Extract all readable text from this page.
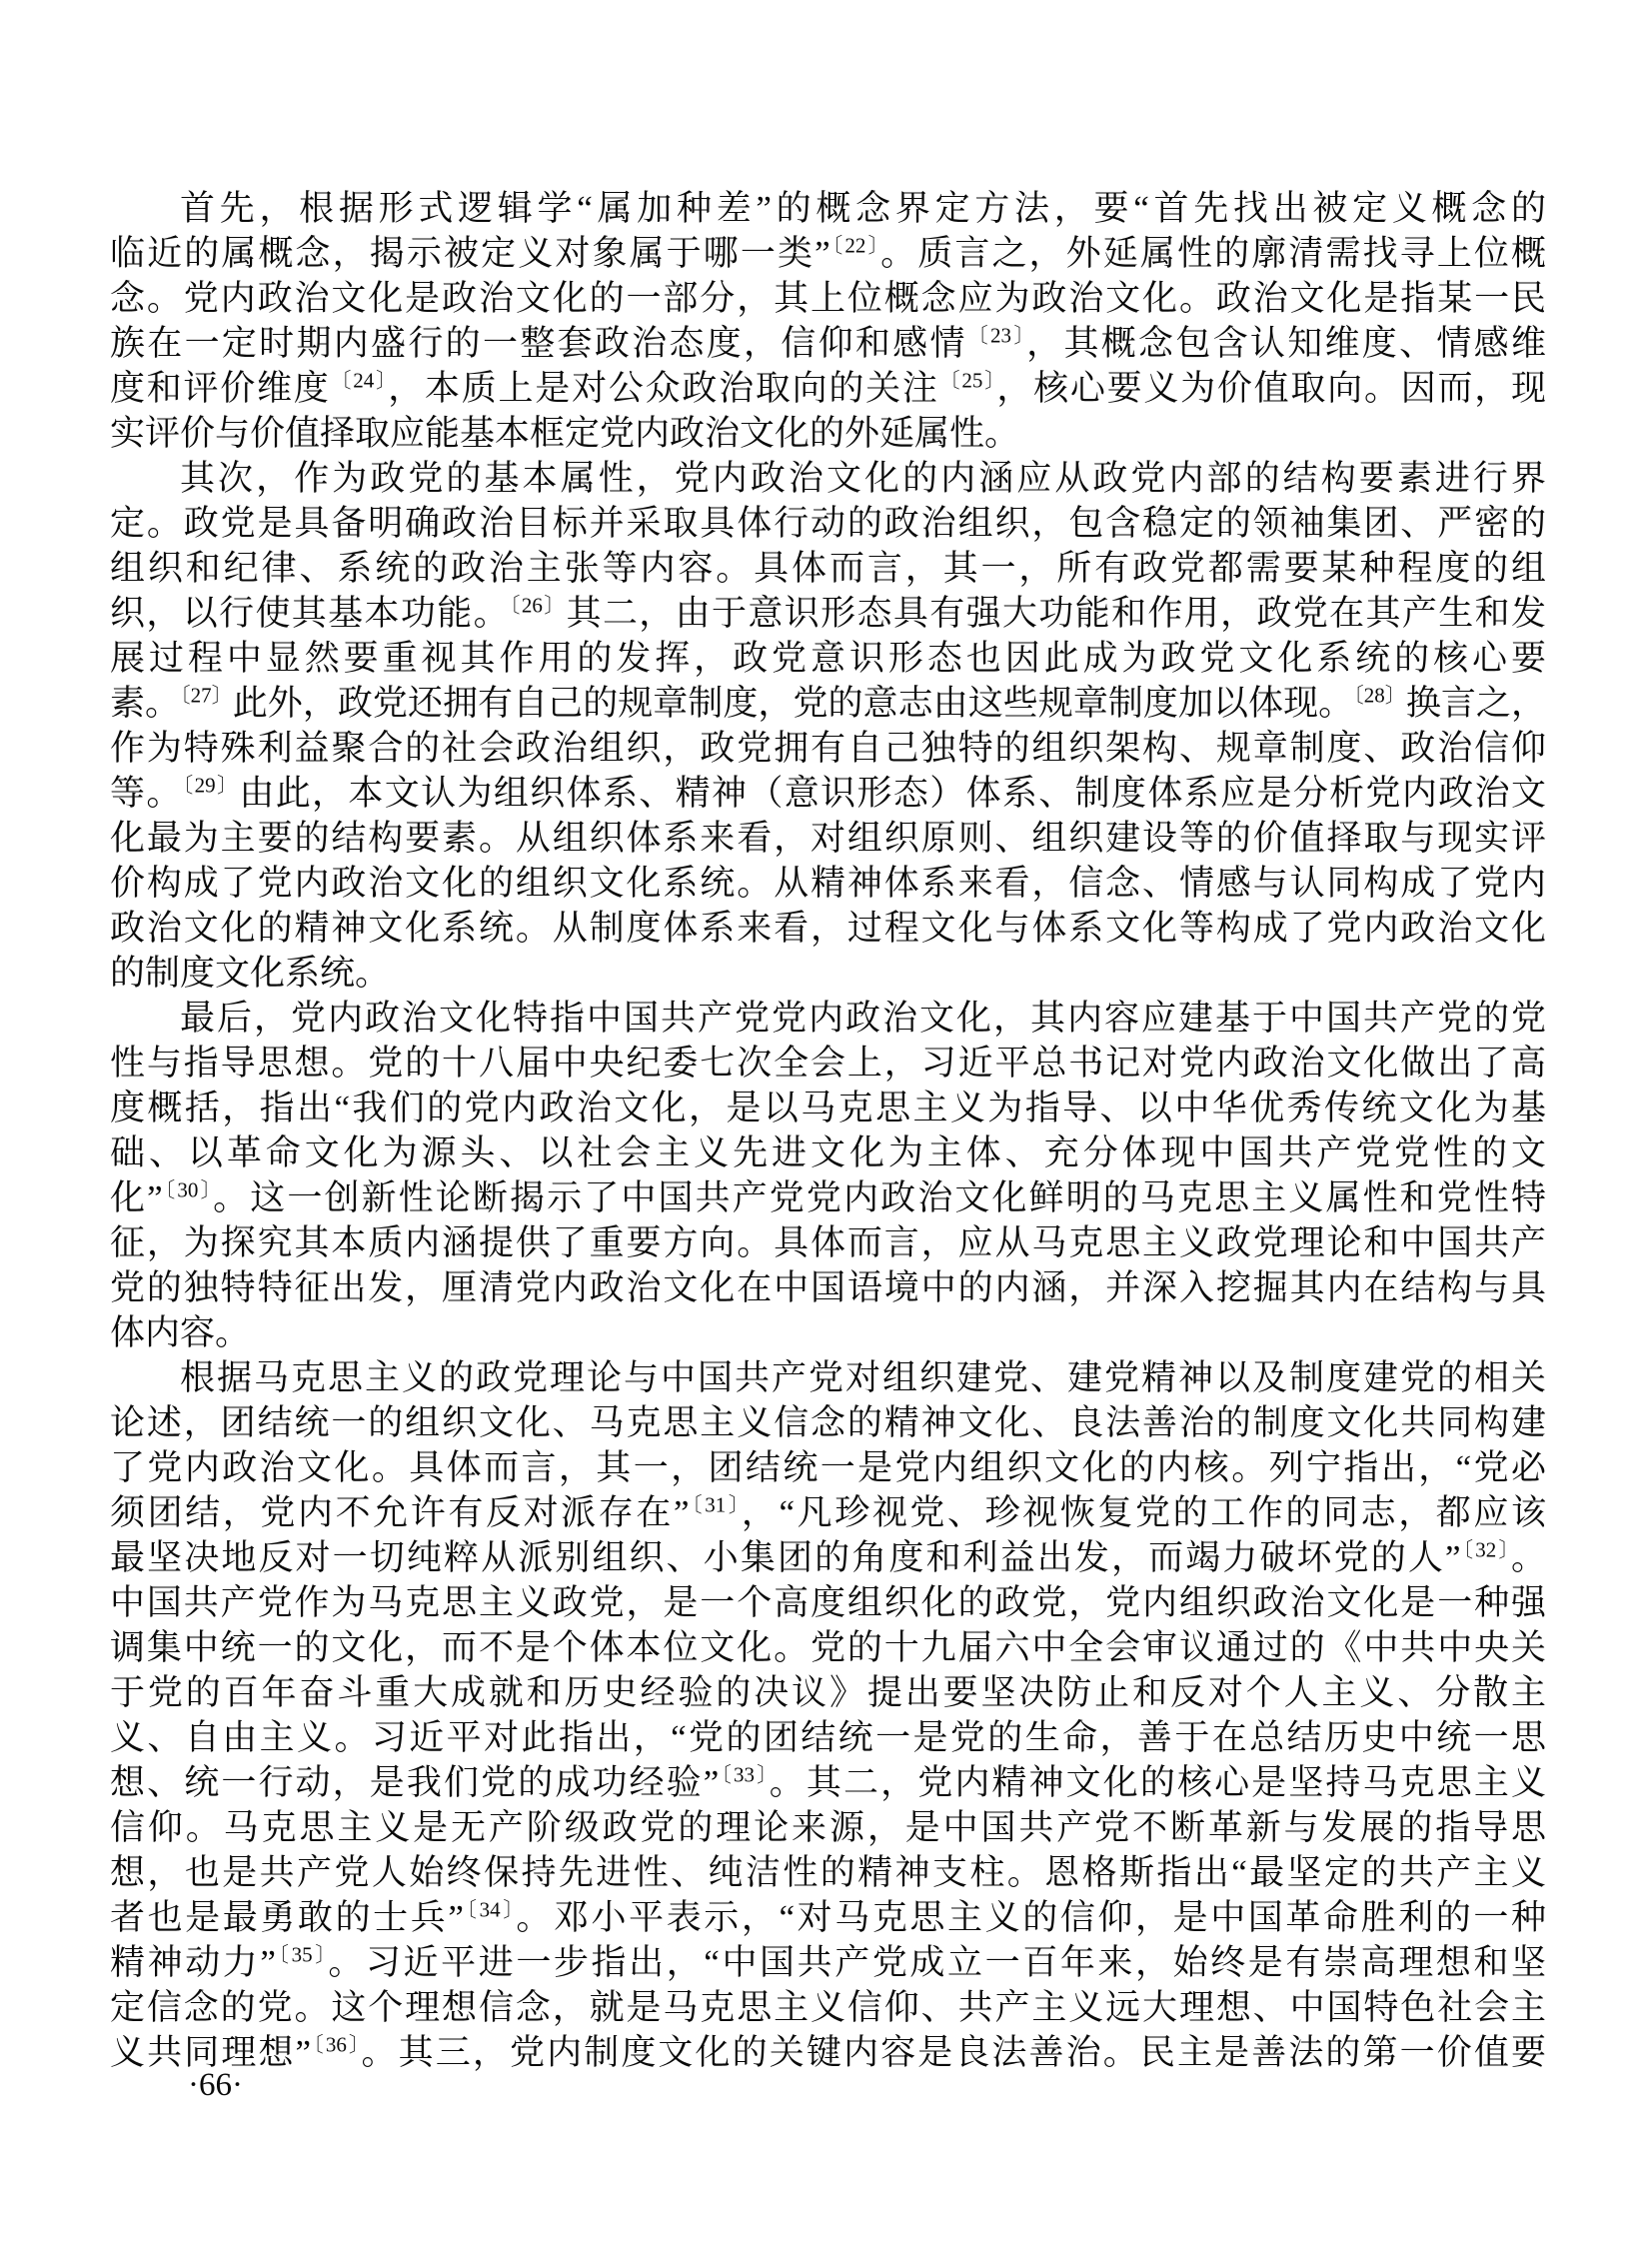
首先，根据形式逻辑学“属加种差”的概念界定方法，要“首先找出被定义概念的
临近的属概念，揭示被定义对象属于哪一类”$^{〔22〕}$。质言之，外延属性的廓清需找寻上位概
念。党内政治文化是政治文化的一部分，其上位概念应为政治文化。政治文化是指某一民
族在一定时期内盛行的一整套政治态度，信仰和感情$^{〔23〕}$，其概念包含认知维度、情感维
度和评价维度$^{〔24〕}$，本质上是对公众政治取向的关注$^{〔25〕}$，核心要义为价值取向。因而，现
实评价与价值择取应能基本框定党内政治文化的外延属性。
其次，作为政党的基本属性，党内政治文化的内涵应从政党内部的结构要素进行界
定。政党是具备明确政治目标并采取具体行动的政治组织，包含稳定的领袖集团、严密的
组织和纪律、系统的政治主张等内容。具体而言，其一，所有政党都需要某种程度的组
织，以行使其基本功能。$^{〔26〕}$其二，由于意识形态具有强大功能和作用，政党在其产生和发
展过程中显然要重视其作用的发挥，政党意识形态也因此成为政党文化系统的核心要
素。$^{〔27〕}$此外，政党还拥有自己的规章制度，党的意志由这些规章制度加以体现。$^{〔28〕}$换言之，
作为特殊利益聚合的社会政治组织，政党拥有自己独特的组织架构、规章制度、政治信仰
等。$^{〔29〕}$由此，本文认为组织体系、精神（意识形态）体系、制度体系应是分析党内政治文
化最为主要的结构要素。从组织体系来看，对组织原则、组织建设等的价值择取与现实评
价构成了党内政治文化的组织文化系统。从精神体系来看，信念、情感与认同构成了党内
政治文化的精神文化系统。从制度体系来看，过程文化与体系文化等构成了党内政治文化
的制度文化系统。
最后，党内政治文化特指中国共产党党内政治文化，其内容应建基于中国共产党的党
性与指导思想。党的十八届中央纪委七次全会上，习近平总书记对党内政治文化做出了高
度概括，指出“我们的党内政治文化，是以马克思主义为指导、以中华优秀传统文化为基
础、以革命文化为源头、以社会主义先进文化为主体、充分体现中国共产党党性的文
化”$^{〔30〕}$。这一创新性论断揭示了中国共产党党内政治文化鲜明的马克思主义属性和党性特
征，为探究其本质内涵提供了重要方向。具体而言，应从马克思主义政党理论和中国共产
党的独特特征出发，厘清党内政治文化在中国语境中的内涵，并深入挖掘其内在结构与具
体内容。
根据马克思主义的政党理论与中国共产党对组织建党、建党精神以及制度建党的相关
论述，团结统一的组织文化、马克思主义信念的精神文化、良法善治的制度文化共同构建
了党内政治文化。具体而言，其一，团结统一是党内组织文化的内核。列宁指出，“党必
须团结，党内不允许有反对派存在”$^{〔31〕}$，“凡珍视党、珍视恢复党的工作的同志，都应该
最坚决地反对一切纯粹从派别组织、小集团的角度和利益出发，而竭力破坏党的人”$^{〔32〕}$。
中国共产党作为马克思主义政党，是一个高度组织化的政党，党内组织政治文化是一种强
调集中统一的文化，而不是个体本位文化。党的十九届六中全会审议通过的《中共中央关
于党的百年奋斗重大成就和历史经验的决议》提出要坚决防止和反对个人主义、分散主
义、自由主义。习近平对此指出，“党的团结统一是党的生命，善于在总结历史中统一思
想、统一行动，是我们党的成功经验”$^{〔33〕}$。其二，党内精神文化的核心是坚持马克思主义
信仰。马克思主义是无产阶级政党的理论来源，是中国共产党不断革新与发展的指导思
想，也是共产党人始终保持先进性、纯洁性的精神支柱。恩格斯指出“最坚定的共产主义
者也是最勇敢的士兵”$^{〔34〕}$。邓小平表示，“对马克思主义的信仰，是中国革命胜利的一种
精神动力”$^{〔35〕}$。习近平进一步指出，“中国共产党成立一百年来，始终是有崇高理想和坚
定信念的党。这个理想信念，就是马克思主义信仰、共产主义远大理想、中国特色社会主
义共同理想”$^{〔36〕}$。其三，党内制度文化的关键内容是良法善治。民主是善法的第一价值要
·66·
